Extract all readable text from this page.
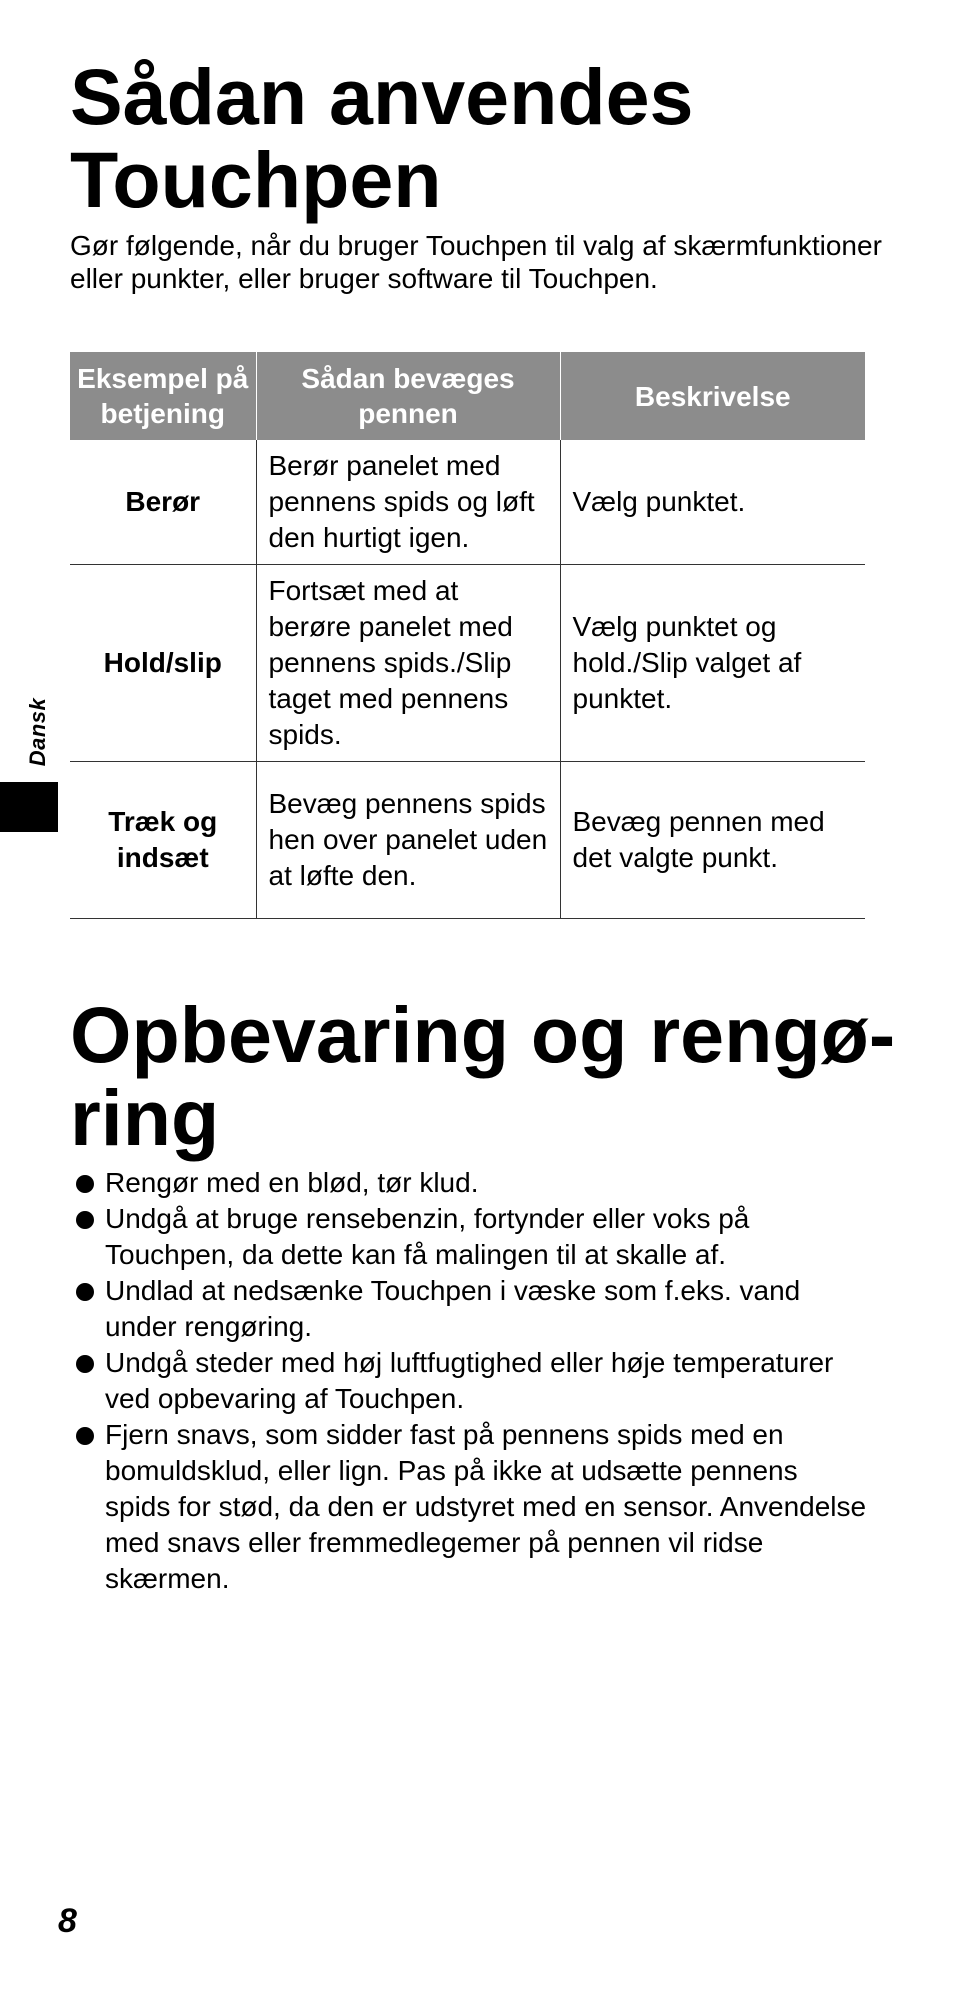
Sådan anvendes Touchpen

Gør følgende, når du bruger Touchpen til valg af skærmfunktioner eller punkter, eller bruger software til Touchpen.

Eksempel på betjening	Sådan bevæges pennen	Beskrivelse
Berør	Berør panelet med pennens spids og løft den hurtigt igen.	Vælg punktet.
Hold/slip	Fortsæt med at berøre panelet med pennens spids./Slip taget med pennens spids.	Vælg punktet og hold./Slip valget af punktet.
Træk og indsæt	Bevæg pennens spids hen over panelet uden at løfte den.	Bevæg pennen med det valgte punkt.
Opbevaring og rengø-ring
Rengør med en blød, tør klud.
Undgå at bruge rensebenzin, fortynder eller voks på Touchpen, da dette kan få malingen til at skalle af.
Undlad at nedsænke Touchpen i væske som f.eks. vand under rengøring.
Undgå steder med høj luftfugtighed eller høje temperaturer ved opbevaring af Touchpen.
Fjern snavs, som sidder fast på pennens spids med en bomuldsklud, eller lign. Pas på ikke at udsætte pennens spids for stød, da den er udstyret med en sensor. Anvendelse med snavs eller fremmedlegemer på pennen vil ridse skærmen.
Dansk
8
